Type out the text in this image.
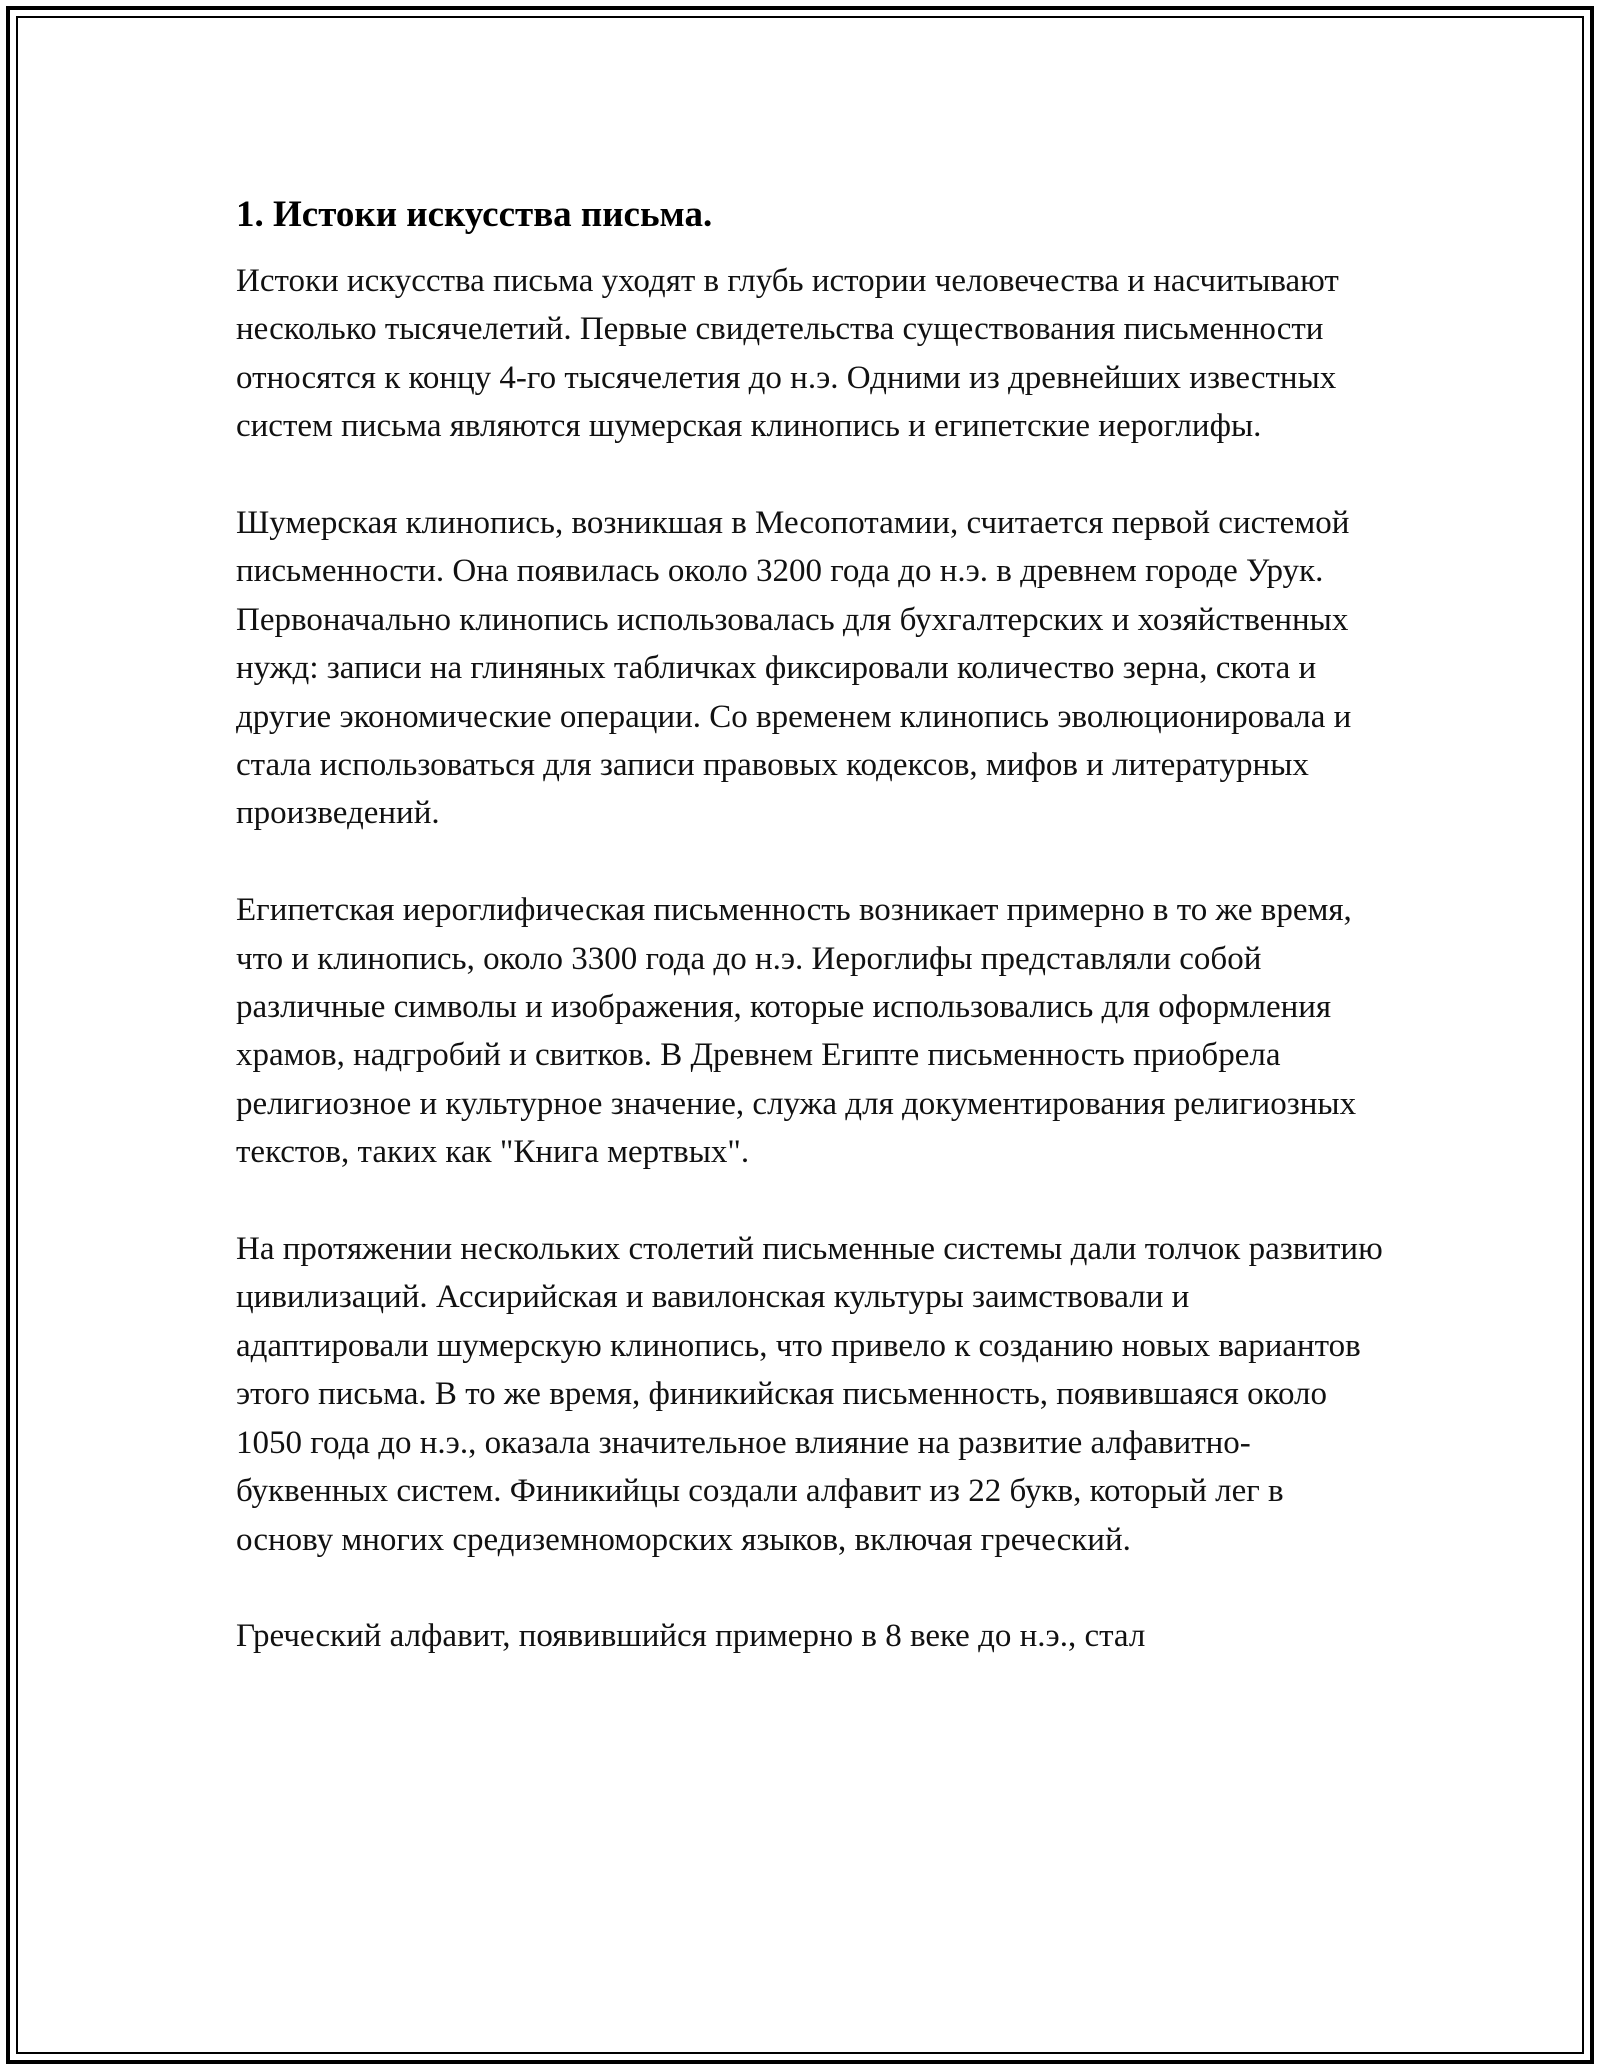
1. Истоки искусства письма.

Истоки искусства письма уходят в глубь истории человечества и насчитывают несколько тысячелетий. Первые свидетельства существования письменности относятся к концу 4-го тысячелетия до н.э. Одними из древнейших известных систем письма являются шумерская клинопись и египетские иероглифы.

Шумерская клинопись, возникшая в Месопотамии, считается первой системой письменности. Она появилась около 3200 года до н.э. в древнем городе Урук. Первоначально клинопись использовалась для бухгалтерских и хозяйственных нужд: записи на глиняных табличках фиксировали количество зерна, скота и другие экономические операции. Со временем клинопись эволюционировала и стала использоваться для записи правовых кодексов, мифов и литературных произведений.

Египетская иероглифическая письменность возникает примерно в то же время, что и клинопись, около 3300 года до н.э. Иероглифы представляли собой различные символы и изображения, которые использовались для оформления храмов, надгробий и свитков. В Древнем Египте письменность приобрела религиозное и культурное значение, служа для документирования религиозных текстов, таких как "Книга мертвых".

На протяжении нескольких столетий письменные системы дали толчок развитию цивилизаций. Ассирийская и вавилонская культуры заимствовали и адаптировали шумерскую клинопись, что привело к созданию новых вариантов этого письма. В то же время, финикийская письменность, появившаяся около 1050 года до н.э., оказала значительное влияние на развитие алфавитно-буквенных систем. Финикийцы создали алфавит из 22 букв, который лег в основу многих средиземноморских языков, включая греческий.

Греческий алфавит, появившийся примерно в 8 веке до н.э., стал
